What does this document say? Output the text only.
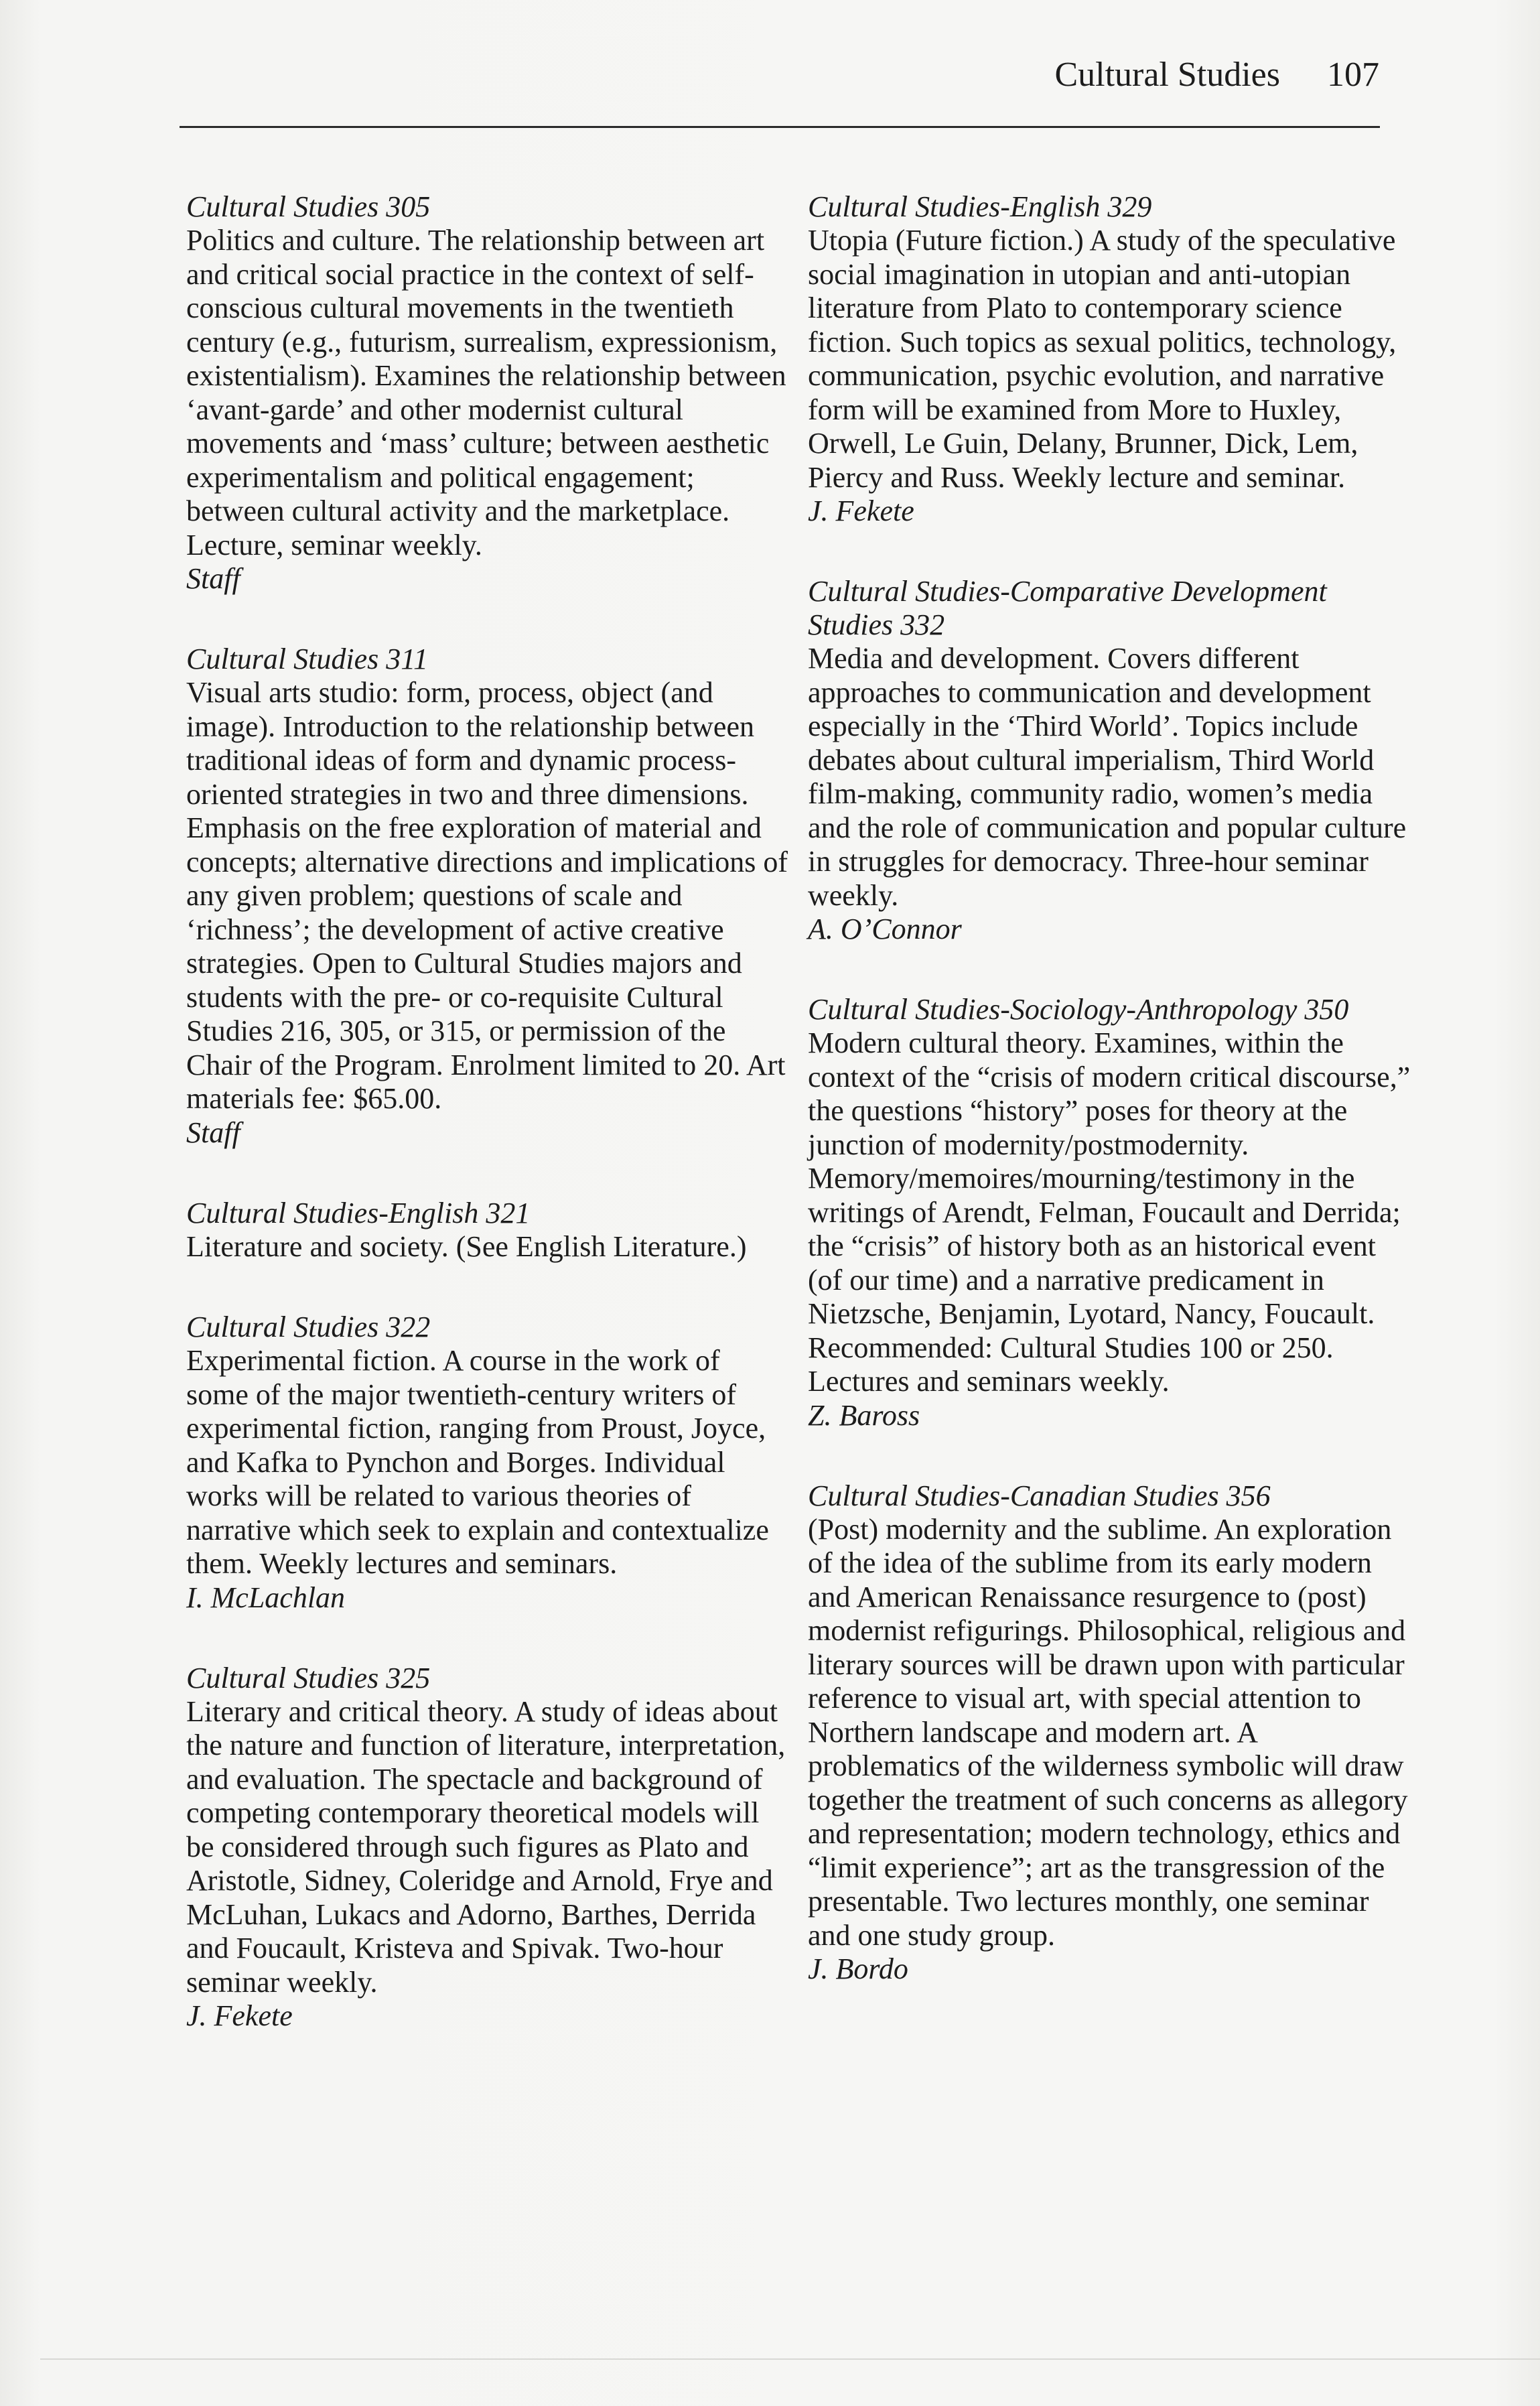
Cultural Studies 107
Cultural Studies 305
Politics and culture. The relationship between art and critical social practice in the context of self-conscious cultural movements in the twentieth century (e.g., futurism, surrealism, expressionism, existentialism). Examines the relationship between ‘avant-garde’ and other modernist cultural movements and ‘mass’ culture; between aesthetic experimentalism and political engagement; between cultural activity and the marketplace. Lecture, seminar weekly.
Staff
Cultural Studies 311
Visual arts studio: form, process, object (and image). Introduction to the relationship between traditional ideas of form and dynamic process-oriented strategies in two and three dimensions. Emphasis on the free exploration of material and concepts; alternative directions and implications of any given problem; questions of scale and ‘richness’; the development of active creative strategies. Open to Cultural Studies majors and students with the pre- or co-requisite Cultural Studies 216, 305, or 315, or permission of the Chair of the Program. Enrolment limited to 20. Art materials fee: $65.00.
Staff
Cultural Studies-English 321
Literature and society. (See English Literature.)
Cultural Studies 322
Experimental fiction. A course in the work of some of the major twentieth-century writers of experimental fiction, ranging from Proust, Joyce, and Kafka to Pynchon and Borges. Individual works will be related to various theories of narrative which seek to explain and contextualize them. Weekly lectures and seminars.
I. McLachlan
Cultural Studies 325
Literary and critical theory. A study of ideas about the nature and function of literature, interpretation, and evaluation. The spectacle and background of competing contemporary theoretical models will be considered through such figures as Plato and Aristotle, Sidney, Coleridge and Arnold, Frye and McLuhan, Lukacs and Adorno, Barthes, Derrida and Foucault, Kristeva and Spivak. Two-hour seminar weekly.
J. Fekete
Cultural Studies-English 329
Utopia (Future fiction.) A study of the speculative social imagination in utopian and anti-utopian literature from Plato to contemporary science fiction. Such topics as sexual politics, technology, communication, psychic evolution, and narrative form will be examined from More to Huxley, Orwell, Le Guin, Delany, Brunner, Dick, Lem, Piercy and Russ. Weekly lecture and seminar.
J. Fekete
Cultural Studies-Comparative Development Studies 332
Media and development. Covers different approaches to communication and development especially in the ‘Third World’. Topics include debates about cultural imperialism, Third World film-making, community radio, women’s media and the role of communication and popular culture in struggles for democracy. Three-hour seminar weekly.
A. O’Connor
Cultural Studies-Sociology-Anthropology 350
Modern cultural theory. Examines, within the context of the “crisis of modern critical discourse,” the questions “history” poses for theory at the junction of modernity/postmodernity. Memory/memoires/mourning/testimony in the writings of Arendt, Felman, Foucault and Derrida; the “crisis” of history both as an historical event (of our time) and a narrative predicament in Nietzsche, Benjamin, Lyotard, Nancy, Foucault. Recommended: Cultural Studies 100 or 250. Lectures and seminars weekly.
Z. Baross
Cultural Studies-Canadian Studies 356
(Post) modernity and the sublime. An exploration of the idea of the sublime from its early modern and American Renaissance resurgence to (post) modernist refigurings. Philosophical, religious and literary sources will be drawn upon with particular reference to visual art, with special attention to Northern landscape and modern art. A problematics of the wilderness symbolic will draw together the treatment of such concerns as allegory and representation; modern technology, ethics and “limit experience”; art as the transgression of the presentable. Two lectures monthly, one seminar and one study group.
J. Bordo
